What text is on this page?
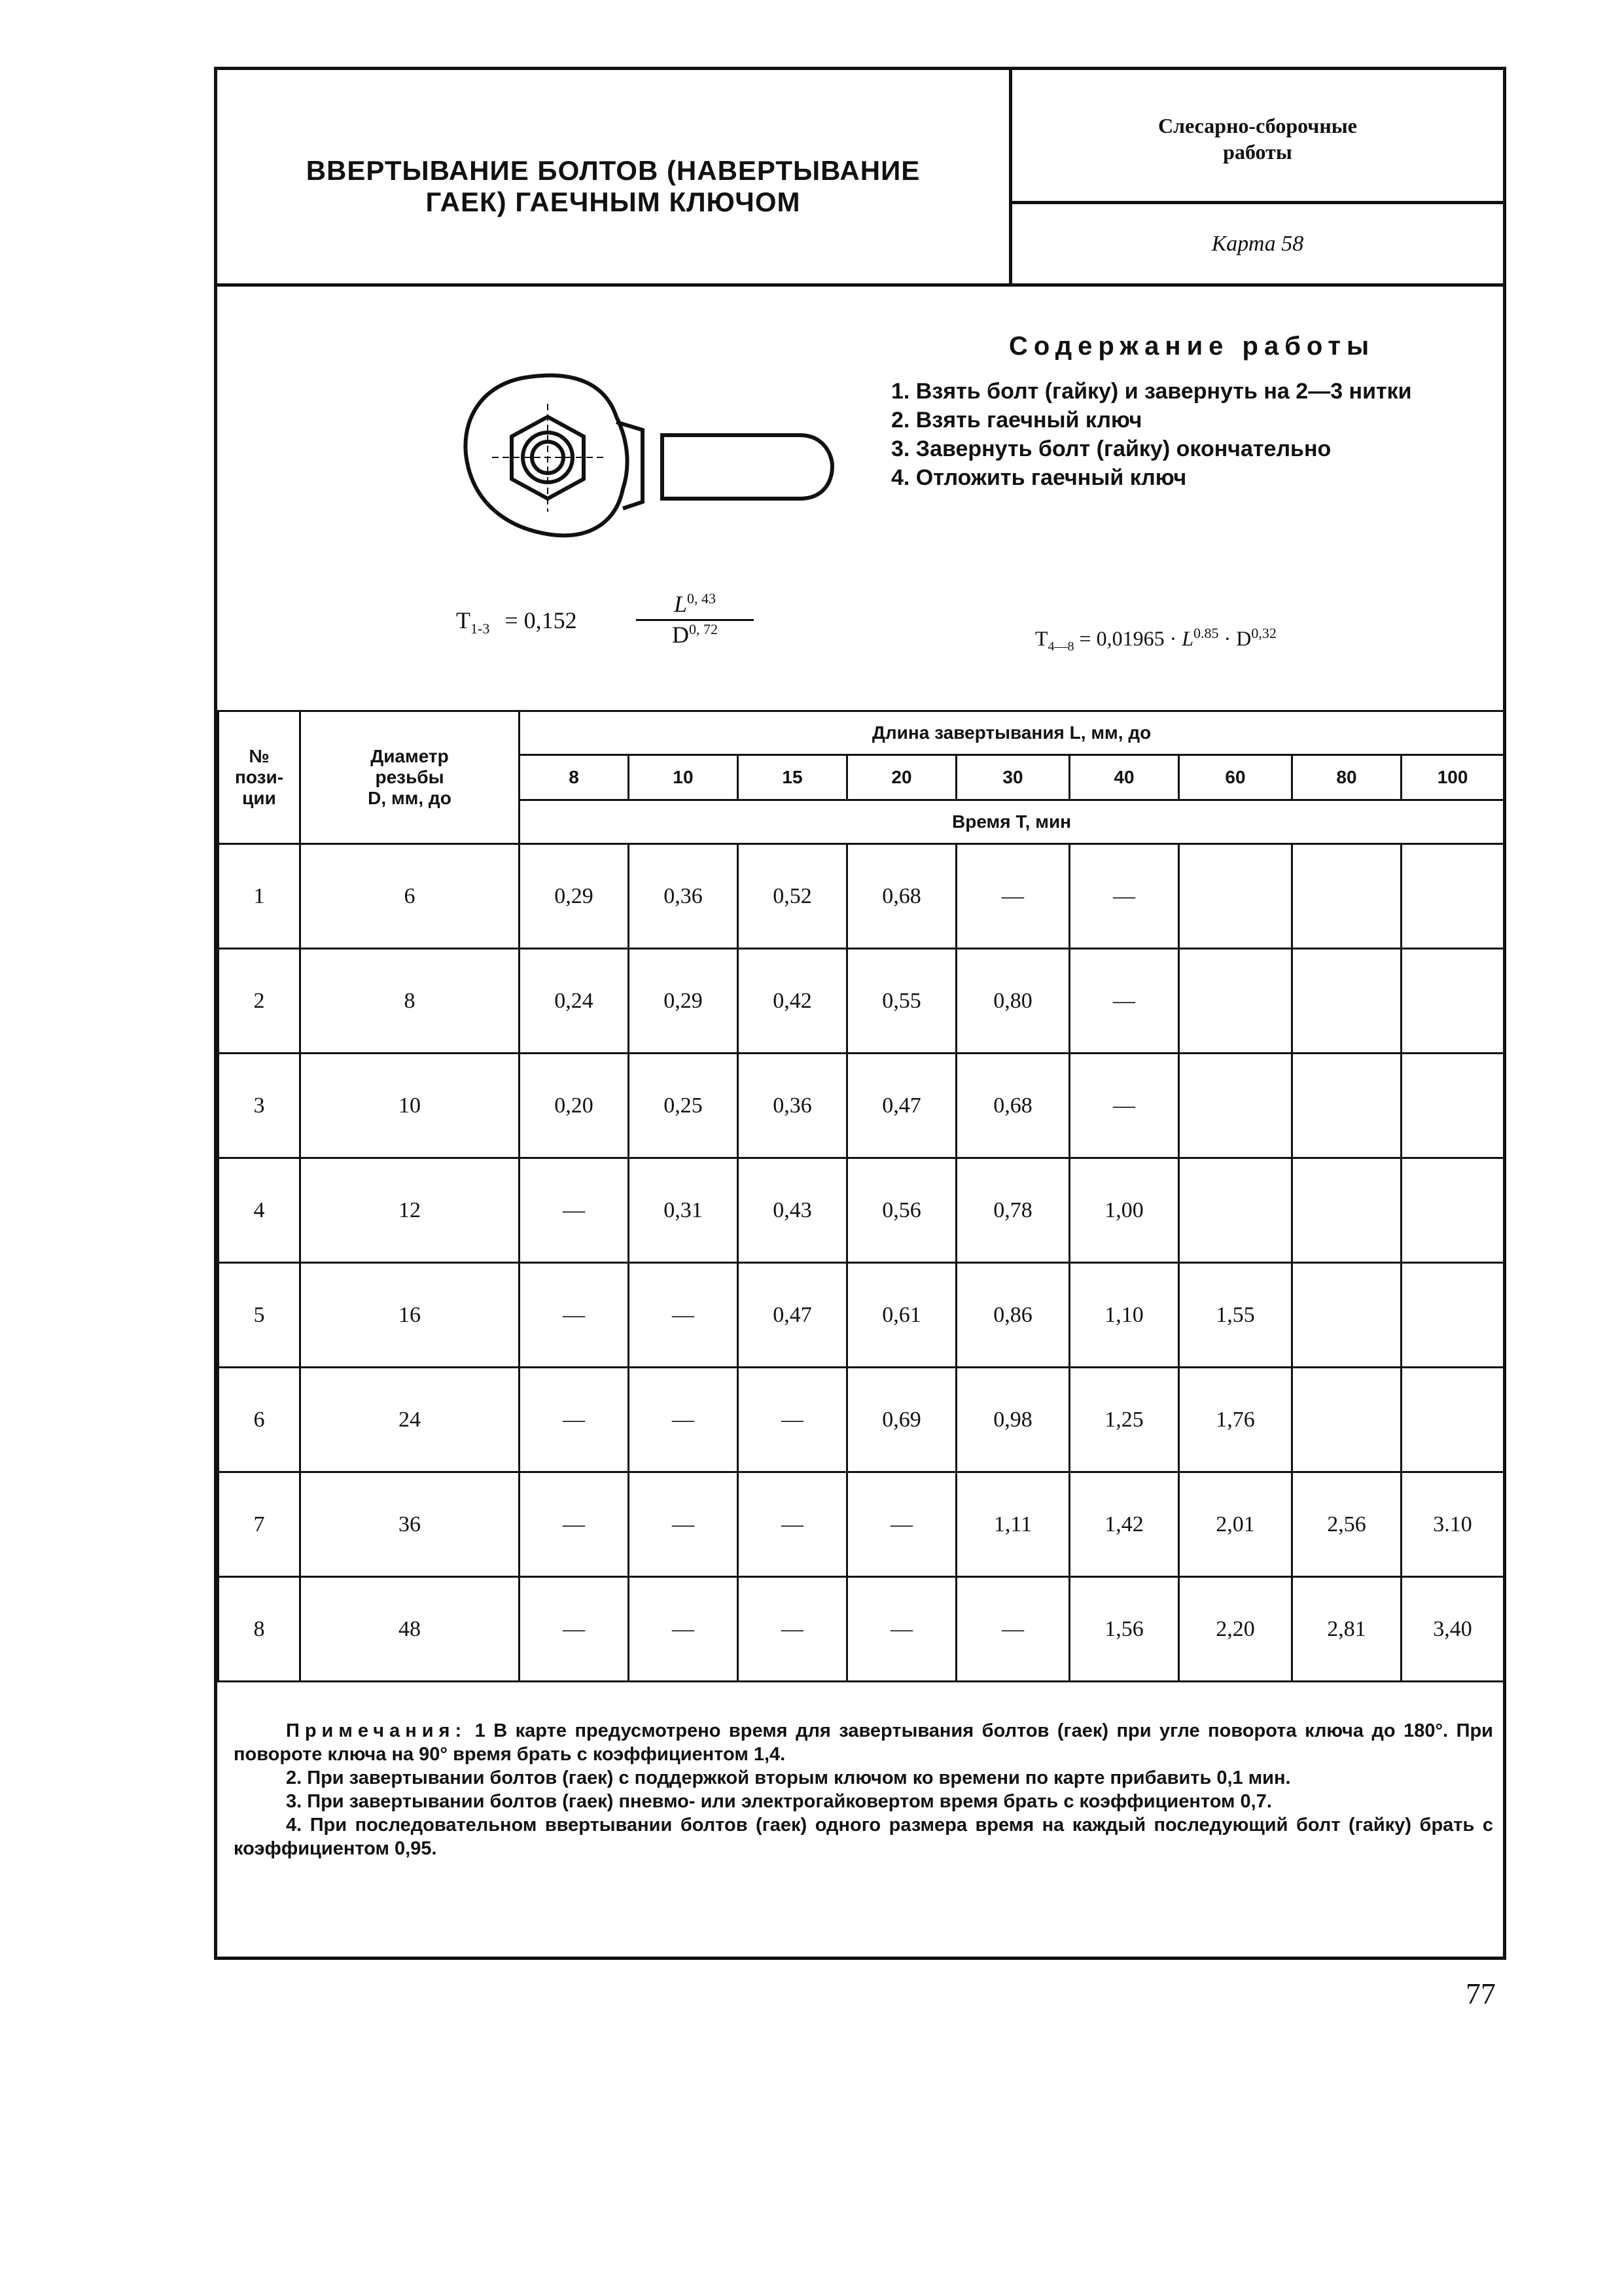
ВВЕРТЫВАНИЕ БОЛТОВ (НАВЕРТЫВАНИЕ
ГАЕК) ГАЕЧНЫМ КЛЮЧОМ
Слесарно-сборочные
работы
Карта 58
Содержание работы
1. Взять болт (гайку) и завернуть на 2—3 нитки
2. Взять гаечный ключ
3. Завернуть болт (гайку) окончательно
4. Отложить гаечный ключ
$T_{1-3} = 0,152$
L$^{0, 43}$
D$^{0, 72}$	$T_{4—8} = 0,01965 \cdot L^{0.85} \cdot D^{0,32}$
№
пози-
ции	Диаметр
резьбы
D, мм, до	Длина завертывания L, мм, до								
		8	10	15	20	30	40	60	80	100
		Время Т, мин								
1	6	0,29	0,36	0,52	0,68	—	—			
2	8	0,24	0,29	0,42	0,55	0,80	—			
3	10	0,20	0,25	0,36	0,47	0,68	—			
4	12	—	0,31	0,43	0,56	0,78	1,00			
5	16	—	—	0,47	0,61	0,86	1,10	1,55		
6	24	—	—	—	0,69	0,98	1,25	1,76		
7	36	—	—	—	—	1,11	1,42	2,01	2,56	3.10
8	48	—	—	—	—	—	1,56	2,20	2,81	3,40

Примечания: 1 В карте предусмотрено время для завертывания болтов (гаек) при угле поворота ключа до 180°. При повороте ключа на 90° время брать с коэффициентом 1,4.

2. При завертывании болтов (гаек) с поддержкой вторым ключом ко времени по карте прибавить 0,1 мин.

3. При завертывании болтов (гаек) пневмо- или электрогайковертом время брать с коэффициентом 0,7.

4. При последовательном ввертывании болтов (гаек) одного размера время на каждый последующий болт (гайку) брать с коэффициентом 0,95.

77
